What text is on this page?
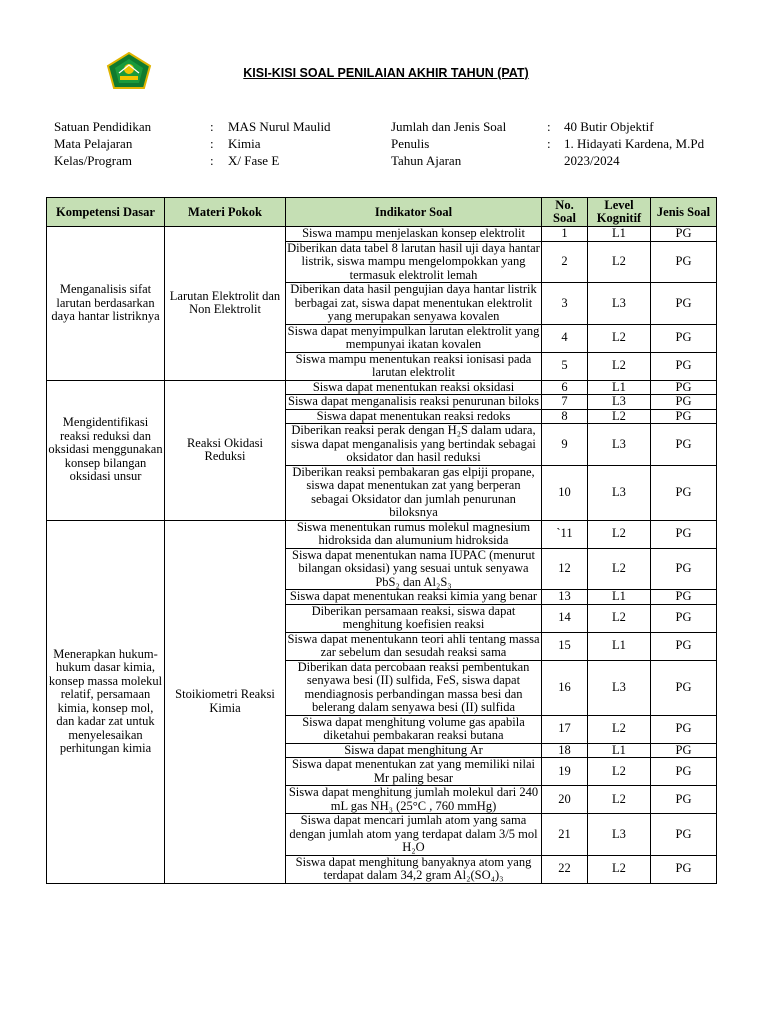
KISI-KISI SOAL PENILAIAN AKHIR TAHUN (PAT)
Satuan Pendidikan	:	MAS Nurul Maulid
Mata Pelajaran	:	Kimia
Kelas/Program	:	X/ Fase E
Jumlah dan Jenis Soal	:	40 Butir Objektif
Penulis	:	1. Hidayati Kardena, M.Pd
Tahun Ajaran	2023/2024
Kompetensi Dasar	Materi Pokok	Indikator Soal	No. Soal	Level Kognitif	Jenis Soal
Menganalisis sifat larutan berdasarkan daya hantar listriknya	Larutan Elektrolit dan Non Elektrolit	Siswa mampu menjelaskan konsep elektrolit	1	L1	PG
		Diberikan data tabel 8 larutan hasil uji daya hantar listrik, siswa mampu mengelompokkan yang termasuk elektrolit lemah	2	L2	PG
		Diberikan data hasil pengujian daya hantar listrik berbagai zat, siswa dapat menentukan elektrolit yang merupakan senyawa kovalen	3	L3	PG
		Siswa dapat menyimpulkan larutan elektrolit yang mempunyai ikatan kovalen	4	L2	PG
		Siswa mampu menentukan reaksi ionisasi pada larutan elektrolit	5	L2	PG
Mengidentifikasi reaksi reduksi dan oksidasi menggunakan konsep bilangan oksidasi unsur	Reaksi Okidasi Reduksi	Siswa dapat menentukan reaksi oksidasi	6	L1	PG
		Siswa dapat menganalisis reaksi penurunan biloks	7	L3	PG
		Siswa dapat menentukan reaksi redoks	8	L2	PG
		Diberikan reaksi perak dengan H₂S dalam udara, siswa dapat menganalisis yang bertindak sebagai oksidator dan hasil reduksi	9	L3	PG
		Diberikan reaksi pembakaran gas elpiji propane, siswa dapat menentukan zat yang berperan sebagai Oksidator dan jumlah penurunan biloksnya	10	L3	PG
Menerapkan hukum-hukum dasar kimia, konsep massa molekul relatif, persamaan kimia, konsep mol, dan kadar zat untuk menyelesaikan perhitungan kimia	Stoikiometri Reaksi Kimia	Siswa menentukan rumus molekul magnesium hidroksida dan alumunium hidroksida	`11	L2	PG
		Siswa dapat menentukan nama IUPAC (menurut bilangan oksidasi) yang sesuai untuk senyawa PbS₂ dan Al₂S₃	12	L2	PG
		Siswa dapat menentukan reaksi kimia yang benar	13	L1	PG
		Diberikan persamaan reaksi, siswa dapat menghitung koefisien reaksi	14	L2	PG
		Siswa dapat menentukann teori ahli tentang massa zar sebelum dan sesudah reaksi sama	15	L1	PG
		Diberikan data percobaan reaksi pembentukan senyawa besi (II) sulfida, FeS, siswa dapat mendiagnosis perbandingan massa besi dan belerang dalam senyawa besi (II) sulfida	16	L3	PG
		Siswa dapat menghitung volume gas apabila diketahui pembakaran reaksi butana	17	L2	PG
		Siswa dapat menghitung Ar	18	L1	PG
		Siswa dapat menentukan zat yang memiliki nilai Mr paling besar	19	L2	PG
		Siswa dapat menghitung jumlah molekul dari 240 mL gas NH₃ (25°C , 760 mmHg)	20	L2	PG
		Siswa dapat mencari jumlah atom yang sama dengan jumlah atom yang terdapat dalam 3/5 mol H₂O	21	L3	PG
		Siswa dapat menghitung banyaknya atom yang terdapat dalam 34,2 gram Al₂(SO₄)₃	22	L2	PG
